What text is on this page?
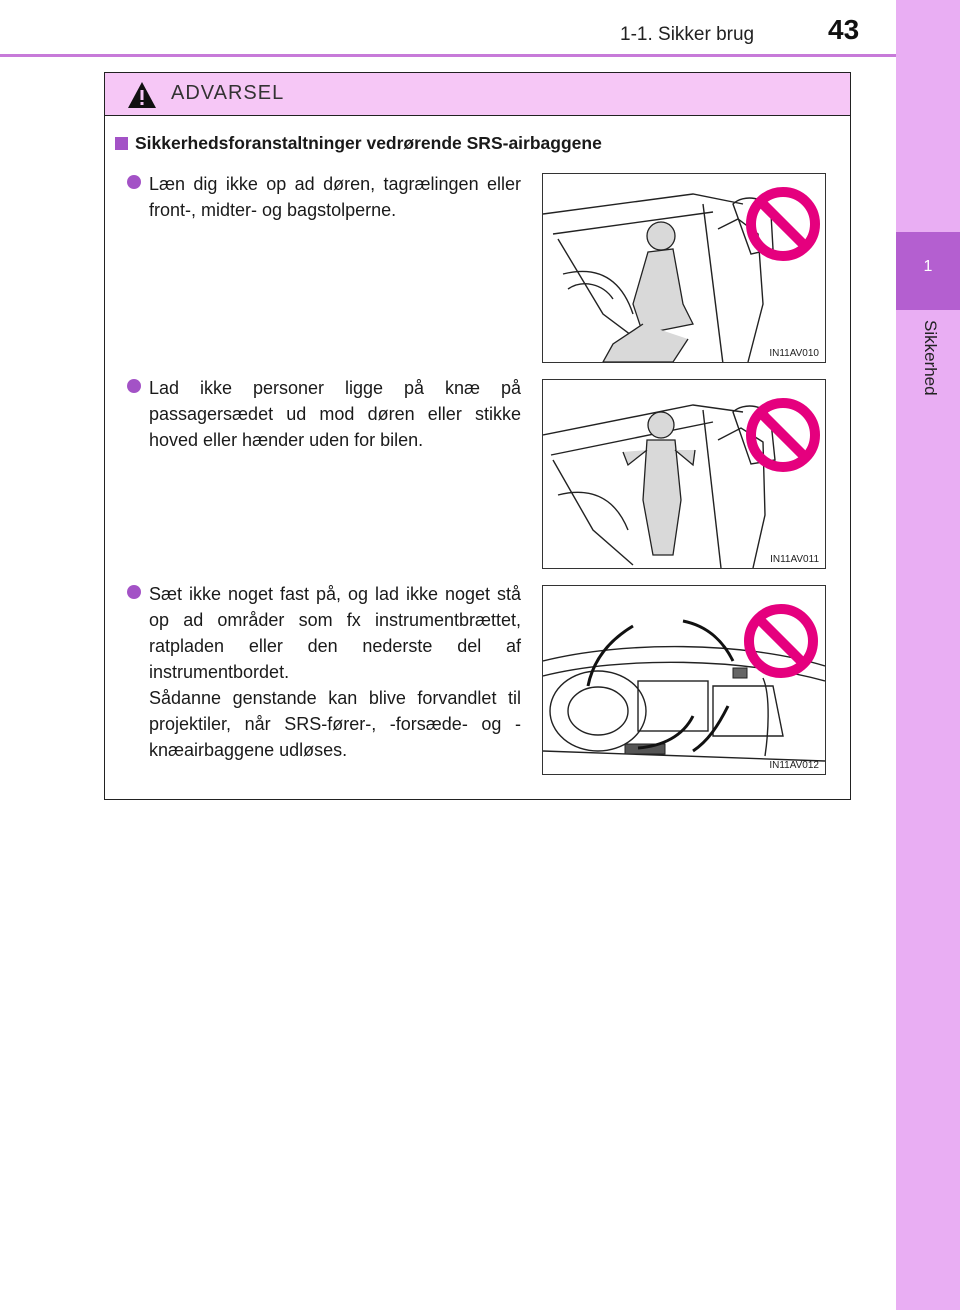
1-1. Sikker brug	43
1
Sikkerhed
ADVARSEL
Sikkerhedsforanstaltninger vedrørende SRS-airbaggene
Læn dig ikke op ad døren, tagrælingen eller front-, midter- og bagstolperne.
IN11AV010
Lad ikke personer ligge på knæ på passagersædet ud mod døren eller stikke hoved eller hænder uden for bilen.
IN11AV011
Sæt ikke noget fast på, og lad ikke noget stå op ad områder som fx instrumentbrættet, ratpladen eller den nederste del af instrumentbordet.
Sådanne genstande kan blive forvandlet til projektiler, når SRS-fører-, -forsæde- og -knæairbaggene udløses.
IN11AV012
